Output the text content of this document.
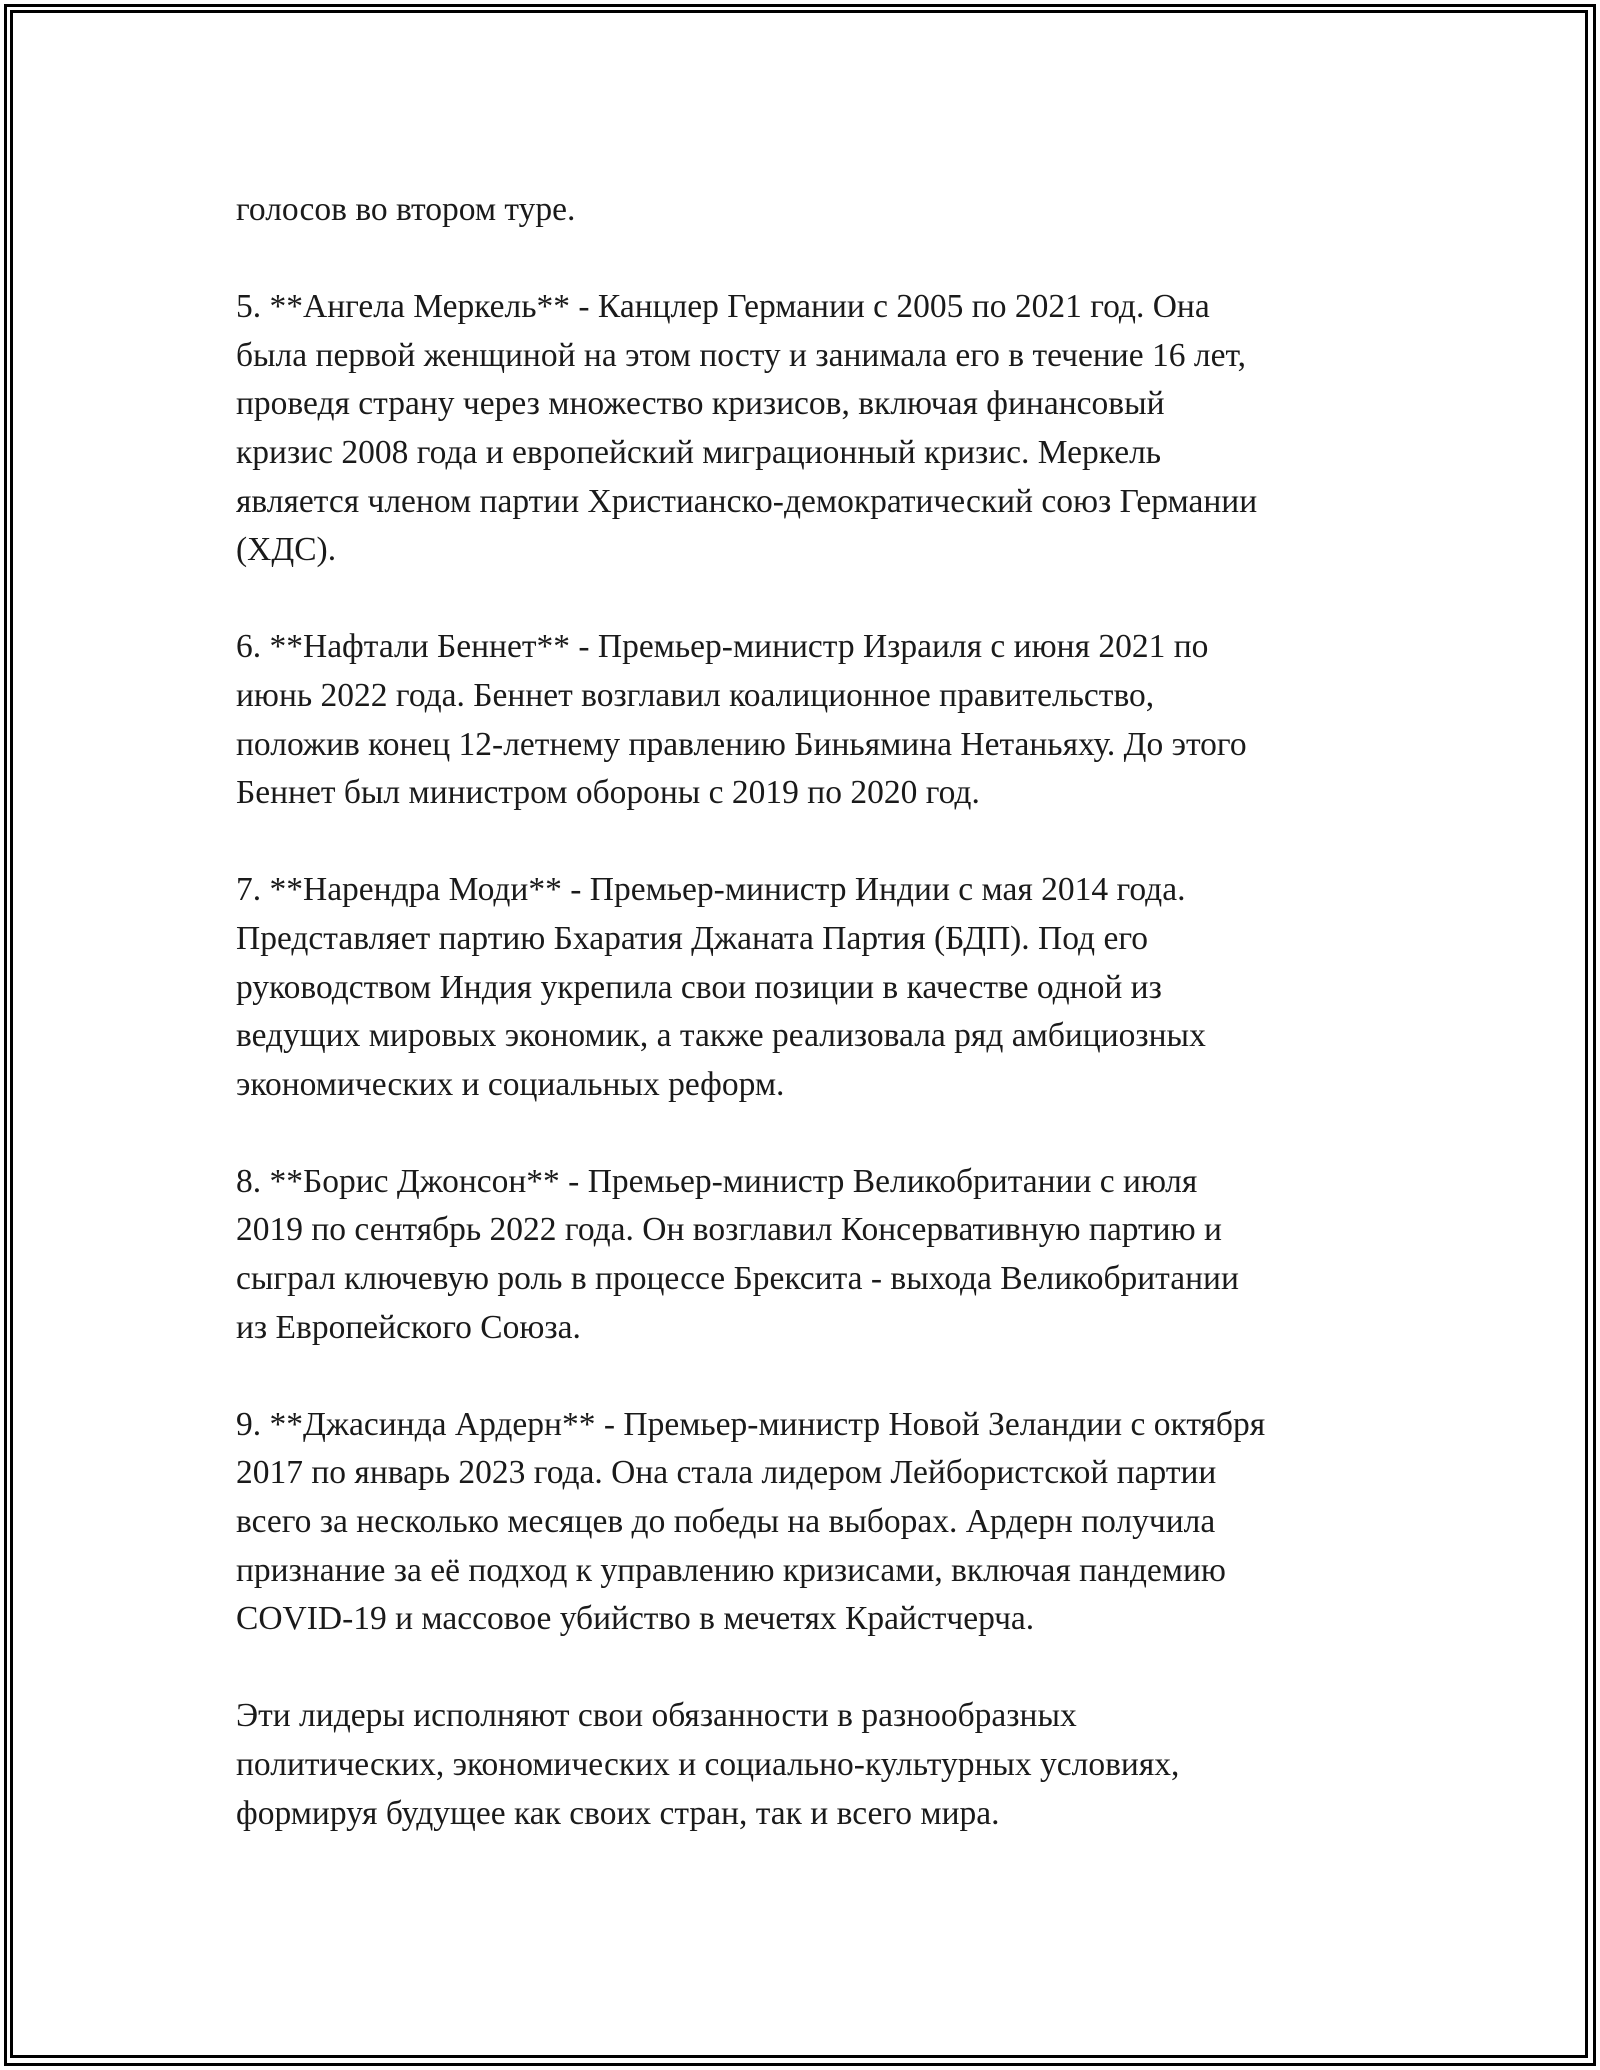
голосов во втором туре.

5. **Ангела Меркель** - Канцлер Германии с 2005 по 2021 год. Она
была первой женщиной на этом посту и занимала его в течение 16 лет,
проведя страну через множество кризисов, включая финансовый
кризис 2008 года и европейский миграционный кризис. Меркель
является членом партии Христианско-демократический союз Германии
(ХДС).

6. **Нафтали Беннет** - Премьер-министр Израиля с июня 2021 по
июнь 2022 года. Беннет возглавил коалиционное правительство,
положив конец 12-летнему правлению Биньямина Нетаньяху. До этого
Беннет был министром обороны с 2019 по 2020 год.

7. **Нарендра Моди** - Премьер-министр Индии с мая 2014 года.
Представляет партию Бхаратия Джаната Партия (БДП). Под его
руководством Индия укрепила свои позиции в качестве одной из
ведущих мировых экономик, а также реализовала ряд амбициозных
экономических и социальных реформ.

8. **Борис Джонсон** - Премьер-министр Великобритании с июля
2019 по сентябрь 2022 года. Он возглавил Консервативную партию и
сыграл ключевую роль в процессе Брексита - выхода Великобритании
из Европейского Союза.

9. **Джасинда Ардерн** - Премьер-министр Новой Зеландии с октября
2017 по январь 2023 года. Она стала лидером Лейбористской партии
всего за несколько месяцев до победы на выборах. Ардерн получила
признание за её подход к управлению кризисами, включая пандемию
COVID-19 и массовое убийство в мечетях Крайстчерча.

Эти лидеры исполняют свои обязанности в разнообразных
политических, экономических и социально-культурных условиях,
формируя будущее как своих стран, так и всего мира.
